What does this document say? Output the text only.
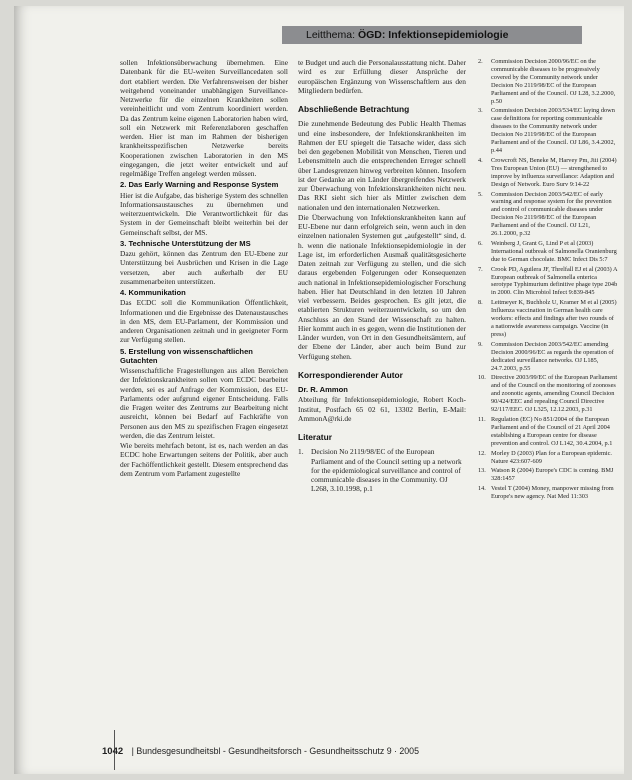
Leitthema: ÖGD: Infektionsepidemiologie

sollen Infektionsüberwachung übernehmen. Eine Datenbank für die EU-weiten Surveillancedaten soll dort etabliert werden. Die Verfahrensweisen der bisher weitgehend voneinander unabhängigen Surveillance-Netzwerke für die einzelnen Krankheiten sollen vereinheitlicht und vom Zentrum koordiniert werden. Da das Zentrum keine eigenen Laboratorien haben wird, soll ein Netzwerk mit Referenzlaboren geschaffen werden. Hier ist man im Rahmen der bisherigen krankheitsspezifischen Netzwerke bereits Kooperationen zwischen Laboratorien in den MS eingegangen, die jetzt weiter entwickelt und auf regelmäßige Treffen angelegt werden müssen.

2. Das Early Warning and Response System

Hier ist die Aufgabe, das bisherige System des schnellen Informationsaustausches zu übernehmen und weiterzuentwickeln. Die Verantwortlichkeit für das System in der Gemeinschaft bleibt weiterhin bei der Gemeinschaft selbst, der MS.

3. Technische Unterstützung der MS

Dazu gehört, können das Zentrum den EU-Ebene zur Unterstützung bei Ausbrüchen und Krisen in die Lage versetzen, aber auch außerhalb der EU zusammenarbeiten unterstützen.

4. Kommunikation

Das ECDC soll die Kommunikation Öffentlichkeit, Informationen und die Ergebnisse des Datenaustausches in den MS, dem EU-Parlament, der Kommission und anderen Organisationen zeitnah und in geeigneter Form zur Verfügung stellen.

5. Erstellung von wissenschaftlichen Gutachten

Wissenschaftliche Fragestellungen aus allen Bereichen der Infektionskrankheiten sollen vom ECDC bearbeitet werden, sei es auf Anfrage der Kommission, des EU-Parlaments oder aufgrund eigener Entscheidung. Falls die Fragen weiter des Zentrums zur Bearbeitung nicht ausreicht, können bei Bedarf auf Fachkräfte von Personen aus den MS zu spezifischen Fragen eingesetzt werden, die das Zentrum leistet.

Wie bereits mehrfach betont, ist es, nach werden an das ECDC hohe Erwartungen seitens der Politik, aber auch der Fachöffentlichkeit gestellt. Diesem entsprechend das dem Zentrum vom Parlament zugestellte

te Budget und auch die Personalausstattung nicht. Daher wird es zur Erfüllung dieser Ansprüche der europäischen Ergänzung von Wissenschaftlern aus den Mitgliedern bedürfen.

Abschließende Betrachtung

Die zunehmende Bedeutung des Public Health Themas und eine insbesondere, der Infektionskrankheiten im Rahmen der EU spiegelt die Tatsache wider, dass sich bei den gegebenen Mobilität von Menschen, Tieren und Lebensmitteln auch die entsprechenden Erreger schnell über Landesgrenzen hinweg verbreiten können. Insofern ist der Gedanke an ein Länder übergreifendes Netzwerk zur Überwachung von Infektionskrankheiten nicht neu. Das RKI sieht sich hier als Mittler zwischen dem nationalen und den internationalen Netzwerken.

Die Überwachung von Infektionskrankheiten kann auf EU-Ebene nur dann erfolgreich sein, wenn auch in den einzelnen nationalen Systemen gut „aufgestellt“ sind, d. h. wenn die nationale Infektionsepidemiologie in der Lage ist, im erforderlichen Ausmaß qualitätsgesicherte Daten zeitnah zur Verfügung zu stellen, und die sich daraus ergebenden Folgerungen oder Konsequenzen auch national in Infektionsepidemiologischer Forschung haben. Hier hat Deutschland in den letzten 10 Jahren viel verbessern. Beides gesprochen. Es gilt jetzt, die etablierten Strukturen weiterzuentwickeln, so um den Anschluss an den Stand der Wissenschaft zu halten. Hier kommt auch in es gegen, wenn die Institutionen der Länder wurden, von Ort in den Gesundheitsämtern, auf der Ebene der Länder, aber auch beim Bund zur Verfügung stehen.

Korrespondierender Autor
Dr. R. Ammon

Abteilung für Infektionsepidemiologie, Robert Koch-Institut, Postfach 65 02 61, 13302 Berlin, E-Mail: AmmonA@rki.de

Literatur
1.	Decision No 2119/98/EC of the European Parliament and of the Council setting up a network for the epidemiological surveillance and control of communicable diseases in the Community. OJ L268, 3.10.1998, p.1
2.	Commission Decision 2000/96/EC on the communicable diseases to be progressively covered by the Community network under Decision No 2119/98/EC of the European Parliament and of the Council. OJ L28, 3.2.2000, p.50
3.	Commission Decision 2003/534/EC laying down case definitions for reporting communicable diseases to the Community network under Decision No 2119/98/EC of the European Parliament and of the Council. OJ L86, 3.4.2002, p.44
4.	Crowcroft NS, Beneke M, Harvey Pm, Jiii (2004) Tres European Union (EU) — strengthened to improve by influenza surveillance: Adaption and Design of Network. Euro Surv 9:14-22
5.	Commission Decision 2003/542/EC of early warning and response system for the prevention and control of communicable diseases under Decision No 2119/98/EC of the European Parliament and of the Council. OJ L21, 26.1.2000, p.32
6.	Weinberg J, Grant G, Lind P et al (2003) International outbreak of Salmonella Oranienburg due to German chocolate. BMC Infect Dis 5:7
7.	Crook PD, Aguilera JF, Threlfall EJ et al (2003) A European outbreak of Salmonella enterica serotype Typhimurium definitive phage type 204b in 2000. Clin Microbiol Infect 9:839-845
8.	Leitmeyer K, Buchholz U, Kramer M et al (2005) Influenza vaccination in German health care workers: effects and findings after two rounds of a nationwide awareness campaign. Vaccine (in press)
9.	Commission Decision 2003/542/EC amending Decision 2000/96/EC as regards the operation of dedicated surveillance networks. OJ L185, 24.7.2003, p.55
10. Directive 2003/99/EC of the European Parliament and of the Council on the monitoring of zoonoses and zoonotic agents, amending Council Decision 90/424/EEC and repealing Council Directive 92/117/EEC. OJ L325, 12.12.2003, p.31
11. Regulation (EC) No 851/2004 of the European Parliament and of the Council of 21 April 2004 establishing a European centre for disease prevention and control. OJ L142, 30.4.2004, p.1
12. Morley D (2003) Plan for a European epidemic. Nature 423:607-609
13. Watson R (2004) Europe's CDC is coming. BMJ 328:1457
14. Vestel T (2004) Money, manpower missing from Europe's new agency. Nat Med 11:303
1042 | Bundesgesundheitsbl - Gesundheitsforsch - Gesundheitsschutz 9 · 2005
